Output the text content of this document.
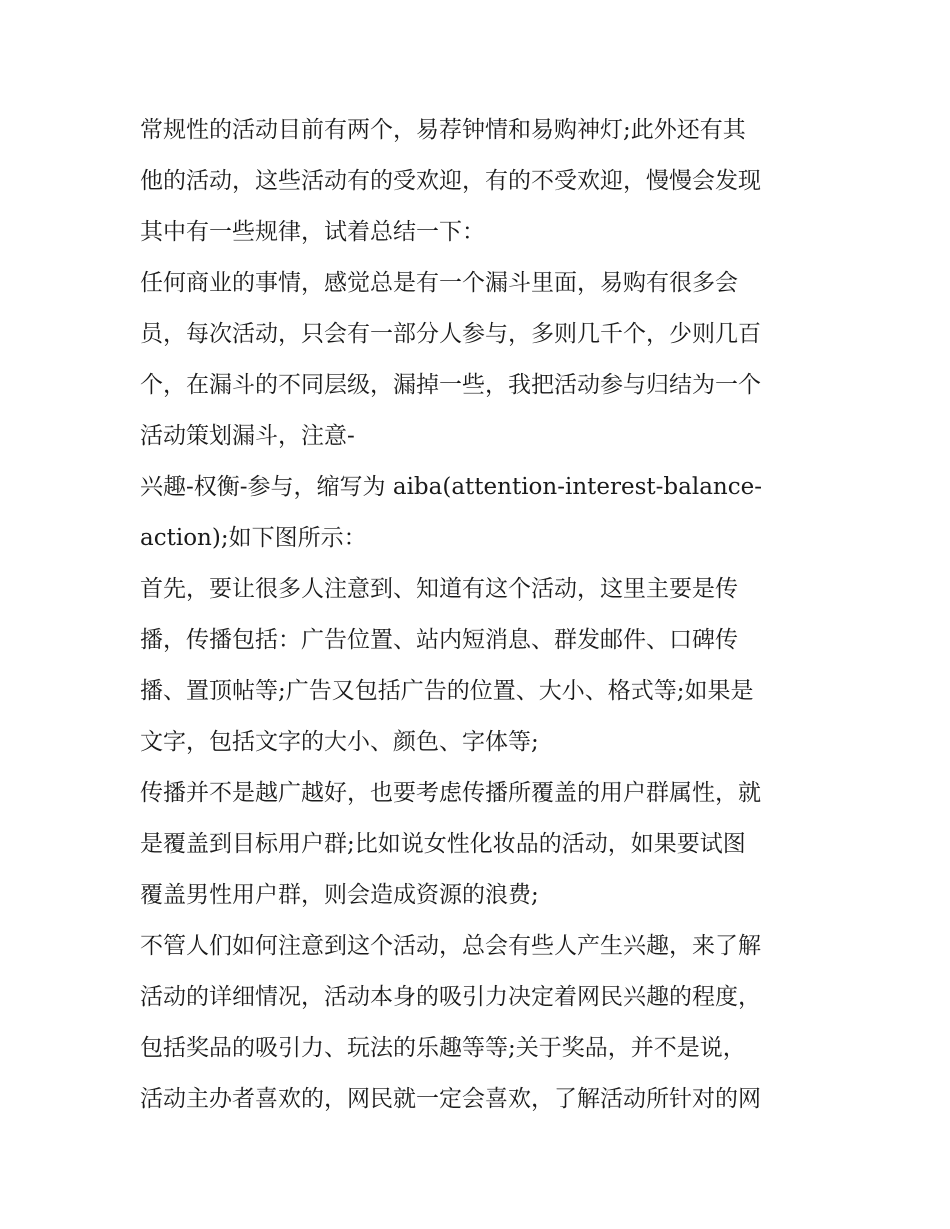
常规性的活动目前有两个，易荐钟情和易购神灯;此外还有其
他的活动，这些活动有的受欢迎，有的不受欢迎，慢慢会发现
其中有一些规律，试着总结一下：
任何商业的事情，感觉总是有一个漏斗里面，易购有很多会
员，每次活动，只会有一部分人参与，多则几千个，少则几百
个，在漏斗的不同层级，漏掉一些，我把活动参与归结为一个
活动策划漏斗，注意-
兴趣-权衡-参与，缩写为 aiba(attention-interest-balance-
action);如下图所示：
首先，要让很多人注意到、知道有这个活动，这里主要是传
播，传播包括：广告位置、站内短消息、群发邮件、口碑传
播、置顶帖等;广告又包括广告的位置、大小、格式等;如果是
文字，包括文字的大小、颜色、字体等;
传播并不是越广越好，也要考虑传播所覆盖的用户群属性，就
是覆盖到目标用户群;比如说女性化妆品的活动，如果要试图
覆盖男性用户群，则会造成资源的浪费;
不管人们如何注意到这个活动，总会有些人产生兴趣，来了解
活动的详细情况，活动本身的吸引力决定着网民兴趣的程度，
包括奖品的吸引力、玩法的乐趣等等;关于奖品，并不是说，
活动主办者喜欢的，网民就一定会喜欢，了解活动所针对的网
